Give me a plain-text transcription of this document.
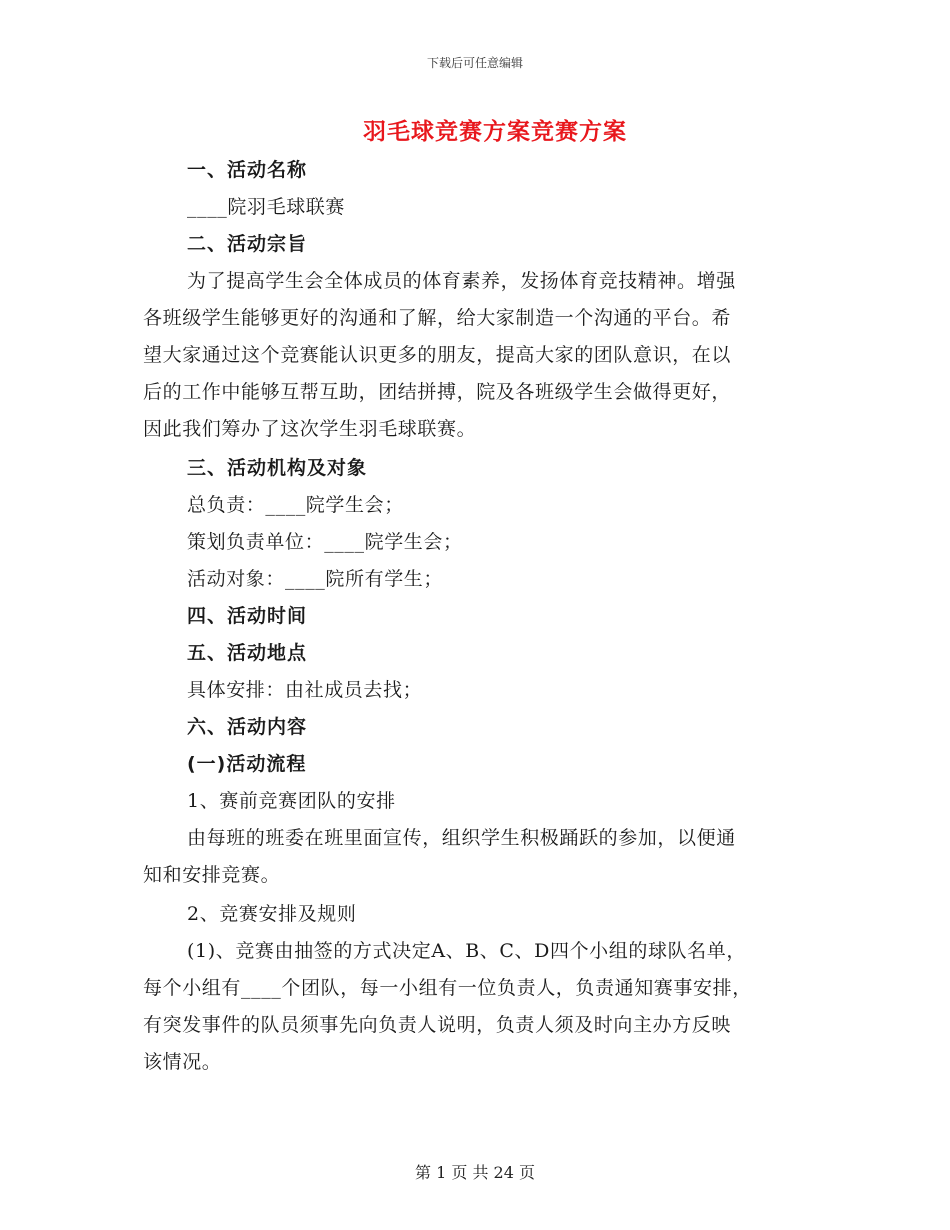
下载后可任意编辑
羽毛球竞赛方案竞赛方案
一、活动名称
____院羽毛球联赛
二、活动宗旨
为了提高学生会全体成员的体育素养，发扬体育竞技精神。增强
各班级学生能够更好的沟通和了解，给大家制造一个沟通的平台。希
望大家通过这个竞赛能认识更多的朋友，提高大家的团队意识，在以
后的工作中能够互帮互助，团结拼搏，院及各班级学生会做得更好，
因此我们筹办了这次学生羽毛球联赛。
三、活动机构及对象
总负责：____院学生会；
策划负责单位：____院学生会；
活动对象：____院所有学生；
四、活动时间
五、活动地点
具体安排：由社成员去找；
六、活动内容
(一)活动流程
1、赛前竞赛团队的安排
由每班的班委在班里面宣传，组织学生积极踊跃的参加，以便通
知和安排竞赛。
2、竞赛安排及规则
(1)、竞赛由抽签的方式决定A、B、C、D四个小组的球队名单，
每个小组有____个团队，每一小组有一位负责人，负责通知赛事安排，
有突发事件的队员须事先向负责人说明，负责人须及时向主办方反映
该情况。
第 1 页 共 24 页
